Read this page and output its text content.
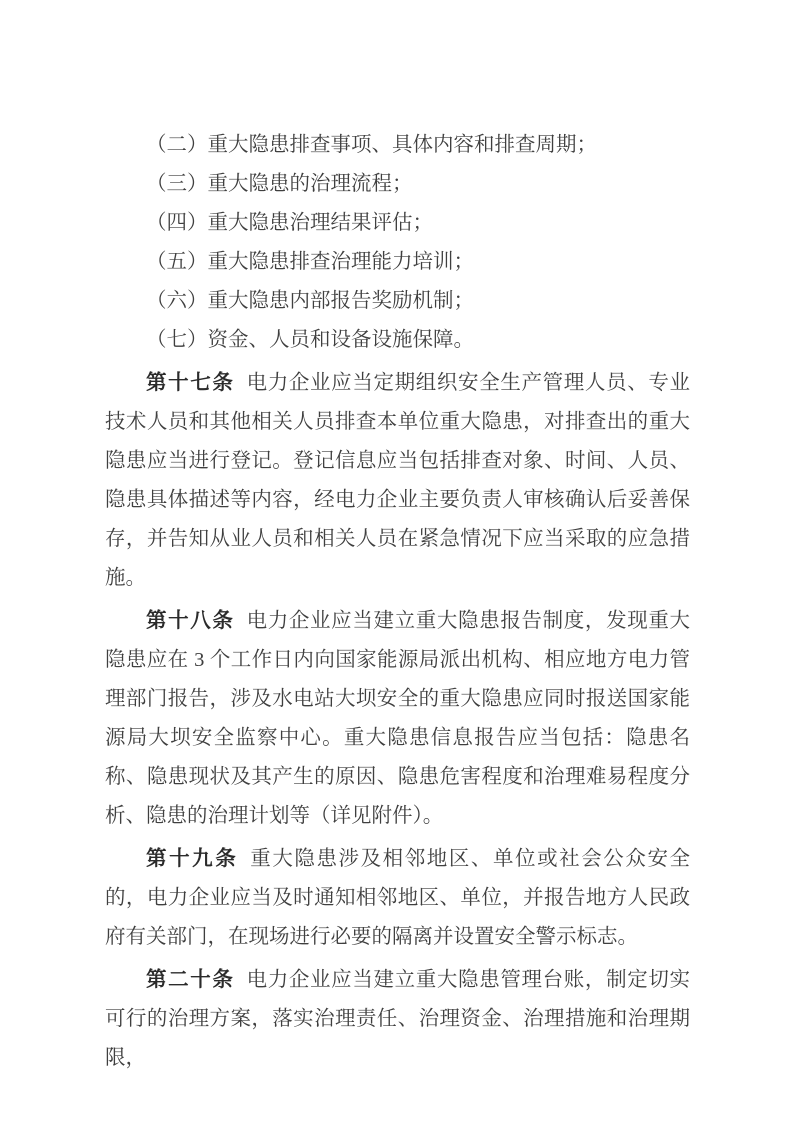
（二）重大隐患排查事项、具体内容和排查周期；

（三）重大隐患的治理流程；

（四）重大隐患治理结果评估；

（五）重大隐患排查治理能力培训；

（六）重大隐患内部报告奖励机制；

（七）资金、人员和设备设施保障。

第十七条 电力企业应当定期组织安全生产管理人员、专业技术人员和其他相关人员排查本单位重大隐患，对排查出的重大隐患应当进行登记。登记信息应当包括排查对象、时间、人员、隐患具体描述等内容，经电力企业主要负责人审核确认后妥善保存，并告知从业人员和相关人员在紧急情况下应当采取的应急措施。

第十八条 电力企业应当建立重大隐患报告制度，发现重大隐患应在 3 个工作日内向国家能源局派出机构、相应地方电力管理部门报告，涉及水电站大坝安全的重大隐患应同时报送国家能源局大坝安全监察中心。重大隐患信息报告应当包括：隐患名称、隐患现状及其产生的原因、隐患危害程度和治理难易程度分析、隐患的治理计划等（详见附件）。

第十九条 重大隐患涉及相邻地区、单位或社会公众安全的，电力企业应当及时通知相邻地区、单位，并报告地方人民政府有关部门，在现场进行必要的隔离并设置安全警示标志。

第二十条 电力企业应当建立重大隐患管理台账，制定切实可行的治理方案，落实治理责任、治理资金、治理措施和治理期限，
